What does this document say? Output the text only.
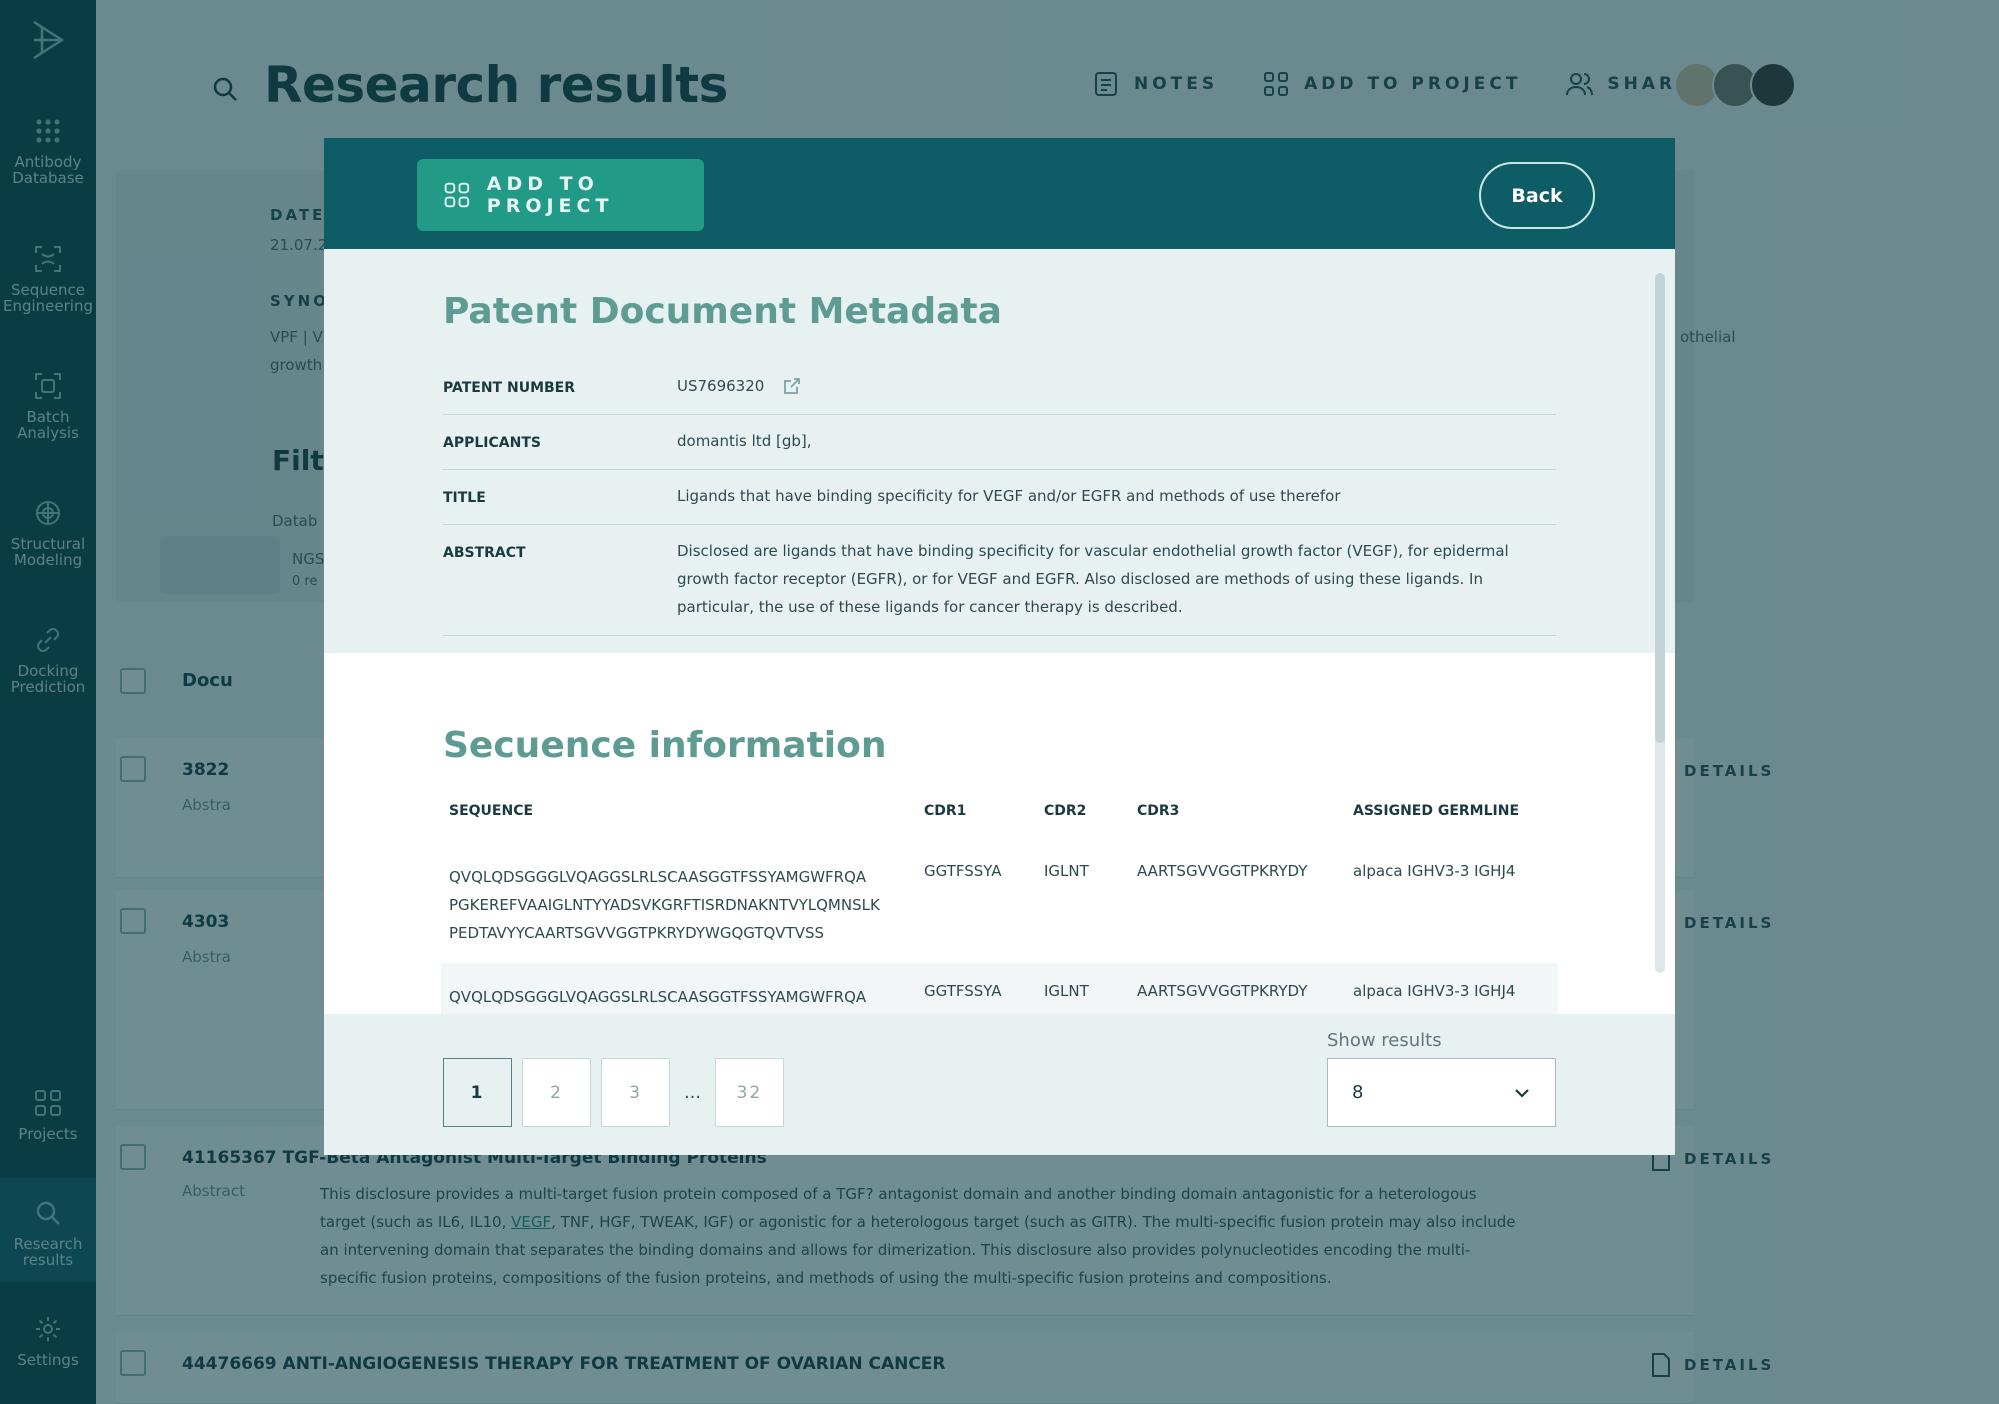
ADD TO PROJECT	Back
Patent Document Metadata
PATENT NUMBER	US7696320
APPLICANTS	domantis ltd [gb],
TITLE	Ligands that have binding specificity for VEGF and/or EGFR and methods of use therefor
ABSTRACT	Disclosed are ligands that have binding specificity for vascular endothelial growth factor (VEGF), for epidermal growth factor receptor (EGFR), or for VEGF and EGFR. Also disclosed are methods of using these ligands. In particular, the use of these ligands for cancer therapy is described.
Secuence information
SEQUENCE	CDR1	CDR2	CDR3	ASSIGNED GERMLINE

QVQLQDSGGGLVQAGGSLRLSCAASGGTFSSYAMGWFRQA
PGKEREFVAAIGLNTYYADSVKGRFTISRDNAKNTVYLQMNSLK
PEDTAVYYCAARTSGVVGGTPKRYDYWGQGTQVTVSS	GGTFSSYA	IGLNT	AARTSGVVGGTPKRYDY	alpaca IGHV3-3 IGHJ4

QVQLQDSGGGLVQAGGSLRLSCAASGGTFSSYAMGWFRQA	GGTFSSYA	IGLNT	AARTSGVVGGTPKRYDY	alpaca IGHV3-3 IGHJ4
1	2	3	…	32
Show results
8
